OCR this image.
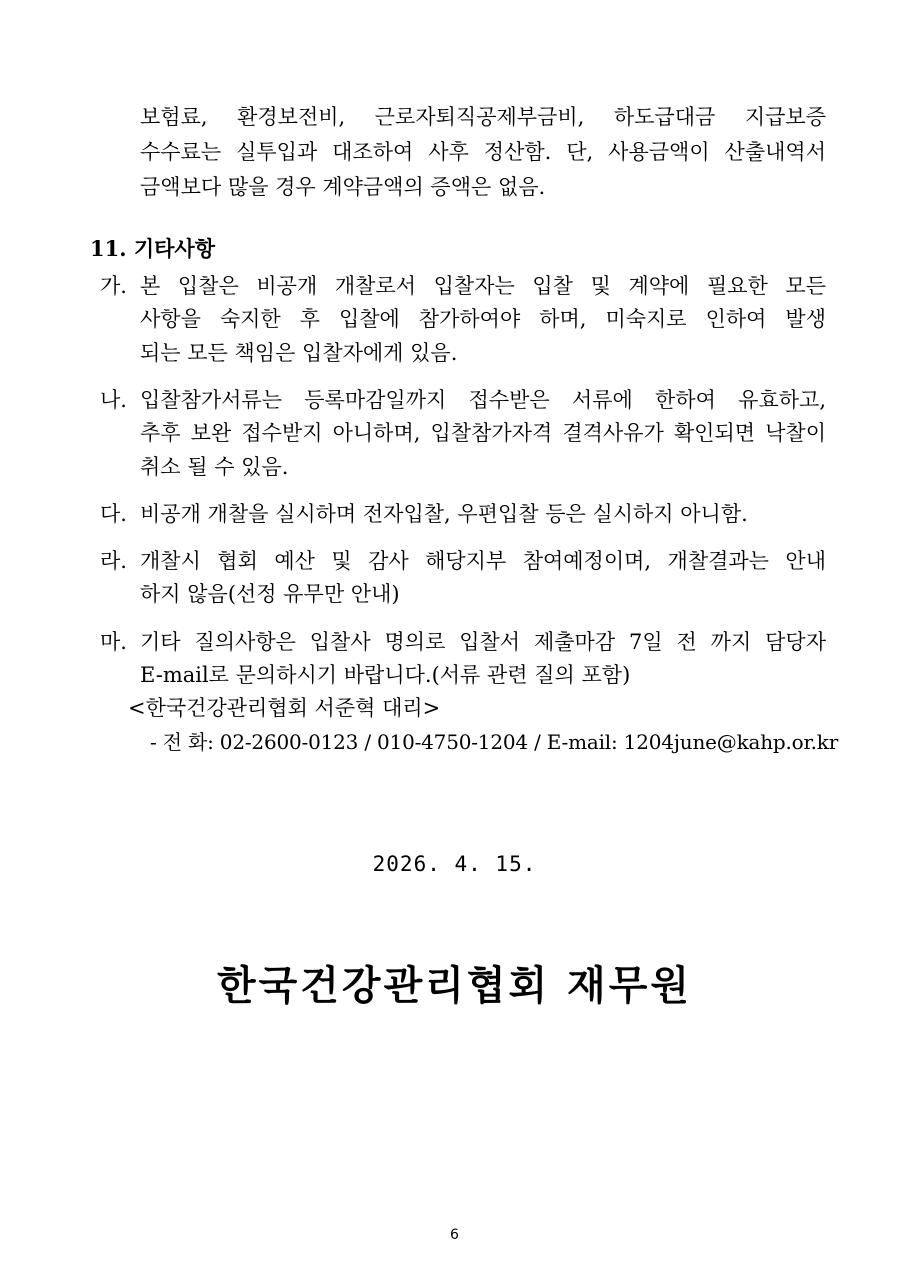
보험료, 환경보전비, 근로자퇴직공제부금비, 하도급대금 지급보증
수수료는 실투입과 대조하여 사후 정산함. 단, 사용금액이 산출내역서
금액보다 많을 경우 계약금액의 증액은 없음.
11. 기타사항
가. 본 입찰은 비공개 개찰로서 입찰자는 입찰 및 계약에 필요한 모든
사항을 숙지한 후 입찰에 참가하여야 하며, 미숙지로 인하여 발생
되는 모든 책임은 입찰자에게 있음.
나. 입찰참가서류는 등록마감일까지 접수받은 서류에 한하여 유효하고,
추후 보완 접수받지 아니하며, 입찰참가자격 결격사유가 확인되면 낙찰이
취소 될 수 있음.
다. 비공개 개찰을 실시하며 전자입찰, 우편입찰 등은 실시하지 아니함.
라. 개찰시 협회 예산 및 감사 해당지부 참여예정이며, 개찰결과는 안내
하지 않음(선정 유무만 안내)
마. 기타 질의사항은 입찰사 명의로 입찰서 제출마감 7일 전 까지 담당자
E-mail로 문의하시기 바랍니다.(서류 관련 질의 포함)
<한국건강관리협회 서준혁 대리>
- 전 화: 02-2600-0123 / 010-4750-1204 / E-mail: 1204june@kahp.or.kr
2026. 4. 15.
한국건강관리협회 재무원
6
